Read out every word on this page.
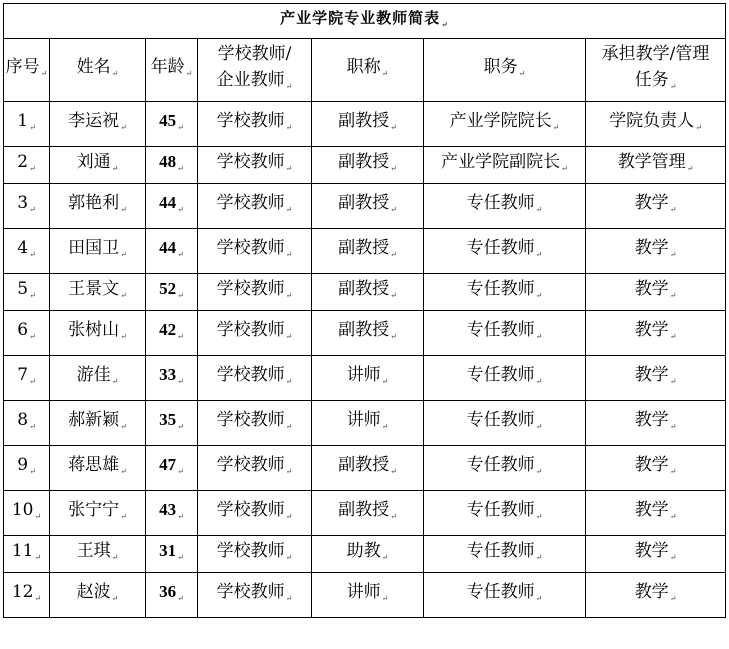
产业学院专业教师简表$_↵$
序号$_↵$	姓名$_↵$	年龄$_↵$	学校教师/
企业教师$_↵$	职称$_↵$	职务$_↵$	承担教学/管理
任务$_↵$
$1_↵$	李运祝$_↵$	$45_↵$	学校教师$_↵$	副教授$_↵$	产业学院院长$_↵$	学院负责人$_↵$
$2_↵$	刘通$_↵$	$48_↵$	学校教师$_↵$	副教授$_↵$	产业学院副院长$_↵$	教学管理$_↵$
$3_↵$	郭艳利$_↵$	$44_↵$	学校教师$_↵$	副教授$_↵$	专任教师$_↵$	教学$_↵$
$4_↵$	田国卫$_↵$	$44_↵$	学校教师$_↵$	副教授$_↵$	专任教师$_↵$	教学$_↵$
$5_↵$	王景文$_↵$	$52_↵$	学校教师$_↵$	副教授$_↵$	专任教师$_↵$	教学$_↵$
$6_↵$	张树山$_↵$	$42_↵$	学校教师$_↵$	副教授$_↵$	专任教师$_↵$	教学$_↵$
$7_↵$	游佳$_↵$	$33_↵$	学校教师$_↵$	讲师$_↵$	专任教师$_↵$	教学$_↵$
$8_↵$	郝新颖$_↵$	$35_↵$	学校教师$_↵$	讲师$_↵$	专任教师$_↵$	教学$_↵$
$9_↵$	蒋思雄$_↵$	$47_↵$	学校教师$_↵$	副教授$_↵$	专任教师$_↵$	教学$_↵$
$10_↵$	张宁宁$_↵$	$43_↵$	学校教师$_↵$	副教授$_↵$	专任教师$_↵$	教学$_↵$
$11_↵$	王琪$_↵$	$31_↵$	学校教师$_↵$	助教$_↵$	专任教师$_↵$	教学$_↵$
$12_↵$	赵波$_↵$	$36_↵$	学校教师$_↵$	讲师$_↵$	专任教师$_↵$	教学$_↵$
